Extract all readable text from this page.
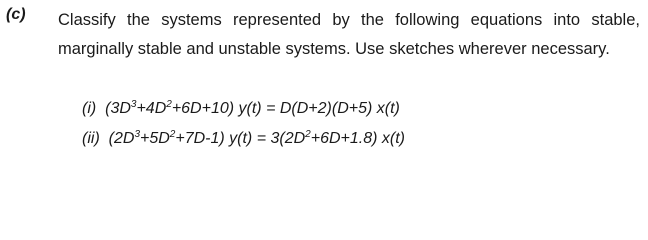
(c) Classify the systems represented by the following equations into stable, marginally stable and unstable systems. Use sketches wherever necessary.

(i) $(3D^3+4D^2+6D+10) y(t) = D(D+2)(D+5)$ x(t)
(ii) $(2D^3+5D^2+7D-1) y(t) = 3(2D^2+6D+1.8)$ x(t)
